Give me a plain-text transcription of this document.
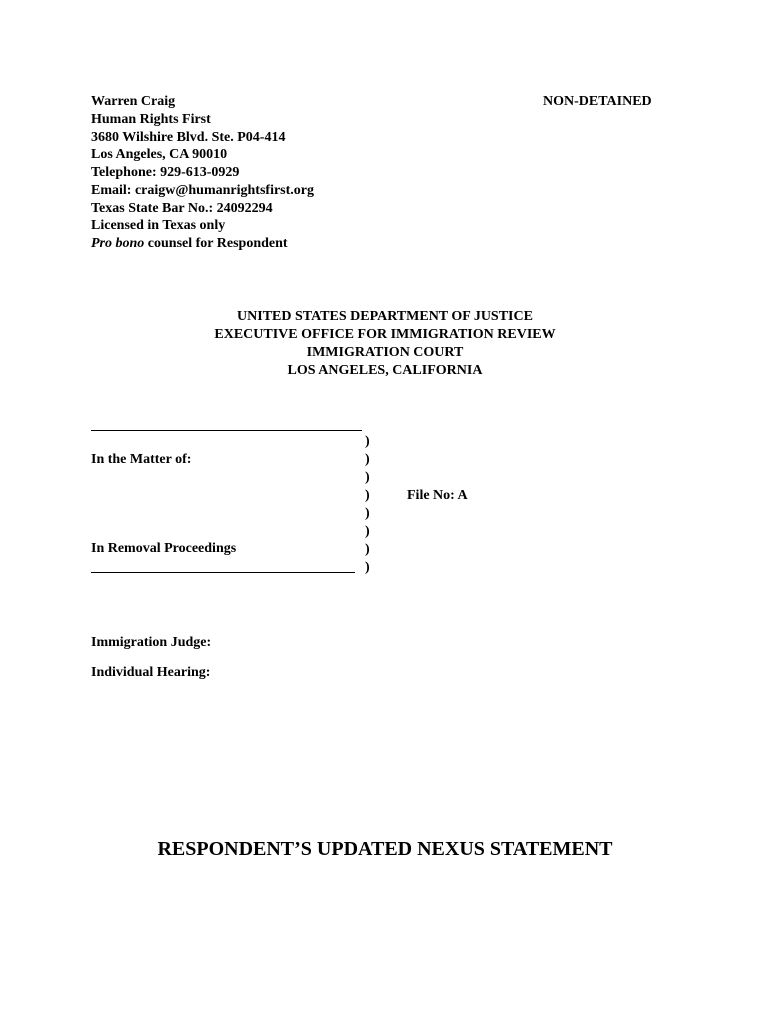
Warren Craig
Human Rights First
3680 Wilshire Blvd. Ste. P04-414
Los Angeles, CA 90010
Telephone: 929-613-0929
Email: craigw@humanrightsfirst.org
Texas State Bar No.: 24092294
Licensed in Texas only
Pro bono counsel for Respondent
NON-DETAINED
UNITED STATES DEPARTMENT OF JUSTICE
EXECUTIVE OFFICE FOR IMMIGRATION REVIEW
IMMIGRATION COURT
LOS ANGELES, CALIFORNIA
In the Matter of:
In Removal Proceedings
)
)
)
)
)
)
)
)
File No: A
Immigration Judge:
Individual Hearing:
RESPONDENT’S UPDATED NEXUS STATEMENT
